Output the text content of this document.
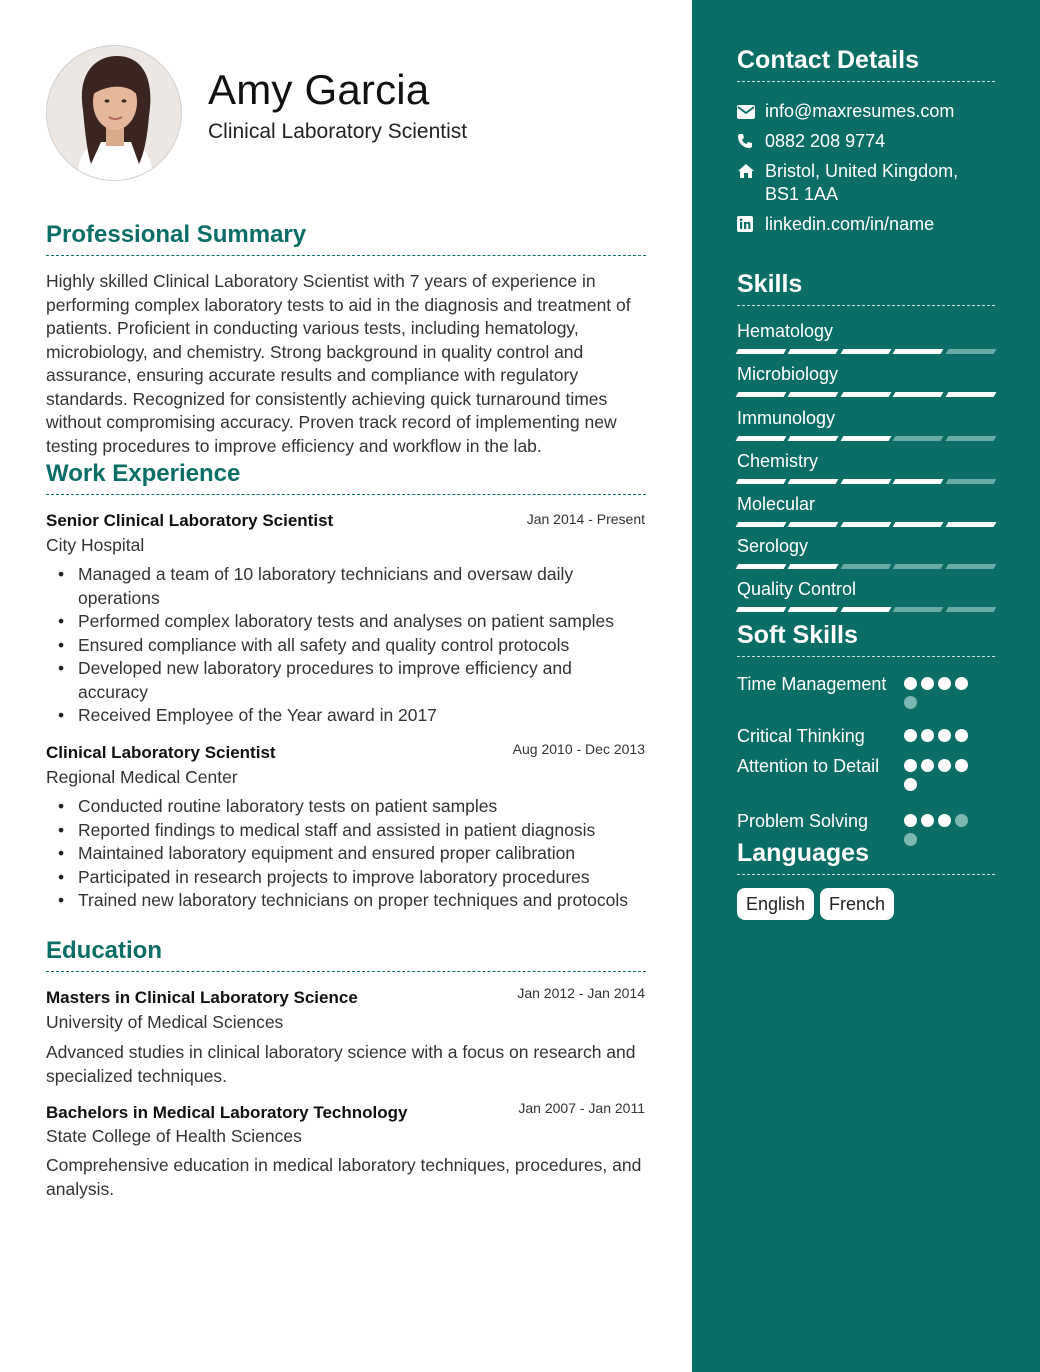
Amy Garcia
Clinical Laboratory Scientist
Professional Summary
Highly skilled Clinical Laboratory Scientist with 7 years of experience in performing complex laboratory tests to aid in the diagnosis and treatment of patients. Proficient in conducting various tests, including hematology, microbiology, and chemistry. Strong background in quality control and assurance, ensuring accurate results and compliance with regulatory standards. Recognized for consistently achieving quick turnaround times without compromising accuracy. Proven track record of implementing new testing procedures to improve efficiency and workflow in the lab.
Work Experience
Senior Clinical Laboratory Scientist	Jan 2014 - Present
City Hospital
• Managed a team of 10 laboratory technicians and oversaw daily operations
• Performed complex laboratory tests and analyses on patient samples
• Ensured compliance with all safety and quality control protocols
• Developed new laboratory procedures to improve efficiency and accuracy
• Received Employee of the Year award in 2017
Clinical Laboratory Scientist	Aug 2010 - Dec 2013
Regional Medical Center
• Conducted routine laboratory tests on patient samples
• Reported findings to medical staff and assisted in patient diagnosis
• Maintained laboratory equipment and ensured proper calibration
• Participated in research projects to improve laboratory procedures
• Trained new laboratory technicians on proper techniques and protocols
Education
Masters in Clinical Laboratory Science	Jan 2012 - Jan 2014
University of Medical Sciences
Advanced studies in clinical laboratory science with a focus on research and specialized techniques.
Bachelors in Medical Laboratory Technology	Jan 2007 - Jan 2011
State College of Health Sciences
Comprehensive education in medical laboratory techniques, procedures, and analysis.
Contact Details
info@maxresumes.com
0882 208 9774
Bristol, United Kingdom, BS1 1AA
linkedin.com/in/name
Skills
Hematology
Microbiology
Immunology
Chemistry
Molecular
Serology
Quality Control
Soft Skills
Time Management
Critical Thinking
Attention to Detail
Problem Solving
Languages
English	French
